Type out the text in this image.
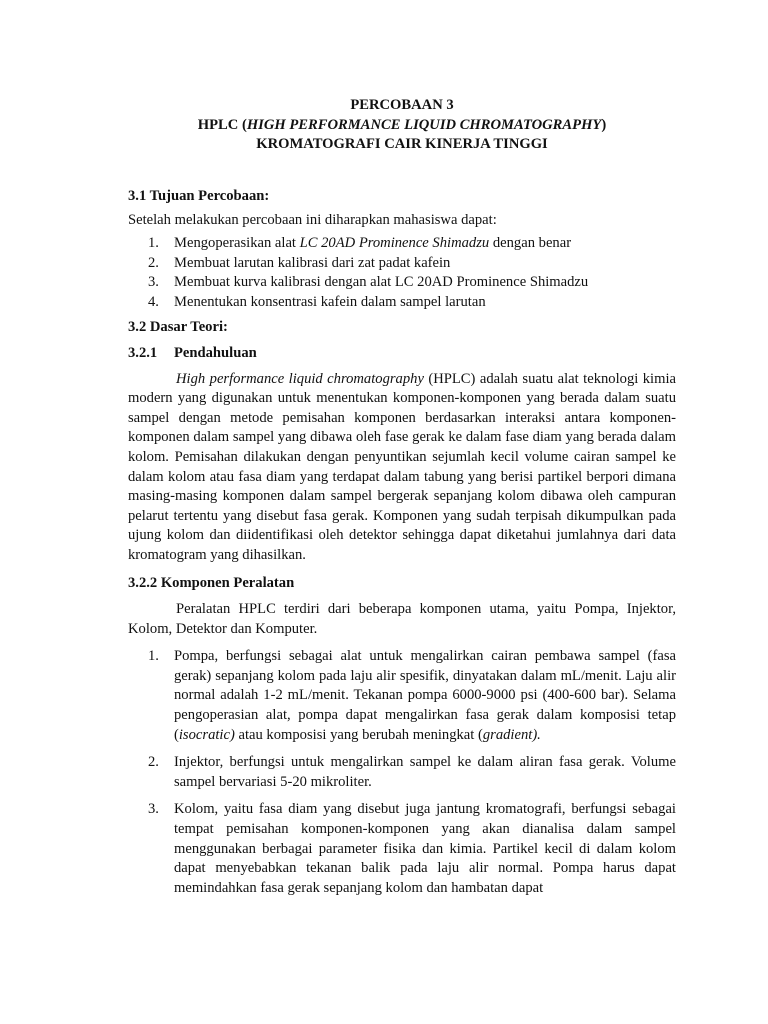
PERCOBAAN 3
HPLC (HIGH PERFORMANCE LIQUID CHROMATOGRAPHY)
KROMATOGRAFI CAIR KINERJA TINGGI
3.1 Tujuan Percobaan:

Setelah melakukan percobaan ini diharapkan mahasiswa dapat:

1. Mengoperasikan alat LC 20AD Prominence Shimadzu dengan benar
2. Membuat larutan kalibrasi dari zat padat kafein
3. Membuat kurva kalibrasi dengan alat LC 20AD Prominence Shimadzu
4. Menentukan konsentrasi kafein dalam sampel larutan
3.2 Dasar Teori:
3.2.1	Pendahuluan

High performance liquid chromatography (HPLC) adalah suatu alat teknologi kimia modern yang digunakan untuk menentukan komponen-komponen yang berada dalam suatu sampel dengan metode pemisahan komponen berdasarkan interaksi antara komponen-komponen dalam sampel yang dibawa oleh fase gerak ke dalam fase diam yang berada dalam kolom. Pemisahan dilakukan dengan penyuntikan sejumlah kecil volume cairan sampel ke dalam kolom atau fasa diam yang terdapat dalam tabung yang berisi partikel berpori dimana masing-masing komponen dalam sampel bergerak sepanjang kolom dibawa oleh campuran pelarut tertentu yang disebut fasa gerak. Komponen yang sudah terpisah dikumpulkan pada ujung kolom dan diidentifikasi oleh detektor sehingga dapat diketahui jumlahnya dari data kromatogram yang dihasilkan.

3.2.2 Komponen Peralatan

Peralatan HPLC terdiri dari beberapa komponen utama, yaitu Pompa, Injektor, Kolom, Detektor dan Komputer.

1. Pompa, berfungsi sebagai alat untuk mengalirkan cairan pembawa sampel (fasa gerak) sepanjang kolom pada laju alir spesifik, dinyatakan dalam mL/menit. Laju alir normal adalah 1-2 mL/menit. Tekanan pompa 6000-9000 psi (400-600 bar). Selama pengoperasian alat, pompa dapat mengalirkan fasa gerak dalam komposisi tetap (isocratic) atau komposisi yang berubah meningkat (gradient).
2. Injektor, berfungsi untuk mengalirkan sampel ke dalam aliran fasa gerak. Volume sampel bervariasi 5-20 mikroliter.
3. Kolom, yaitu fasa diam yang disebut juga jantung kromatografi, berfungsi sebagai tempat pemisahan komponen-komponen yang akan dianalisa dalam sampel menggunakan berbagai parameter fisika dan kimia. Partikel kecil di dalam kolom dapat menyebabkan tekanan balik pada laju alir normal. Pompa harus dapat memindahkan fasa gerak sepanjang kolom dan hambatan dapat
